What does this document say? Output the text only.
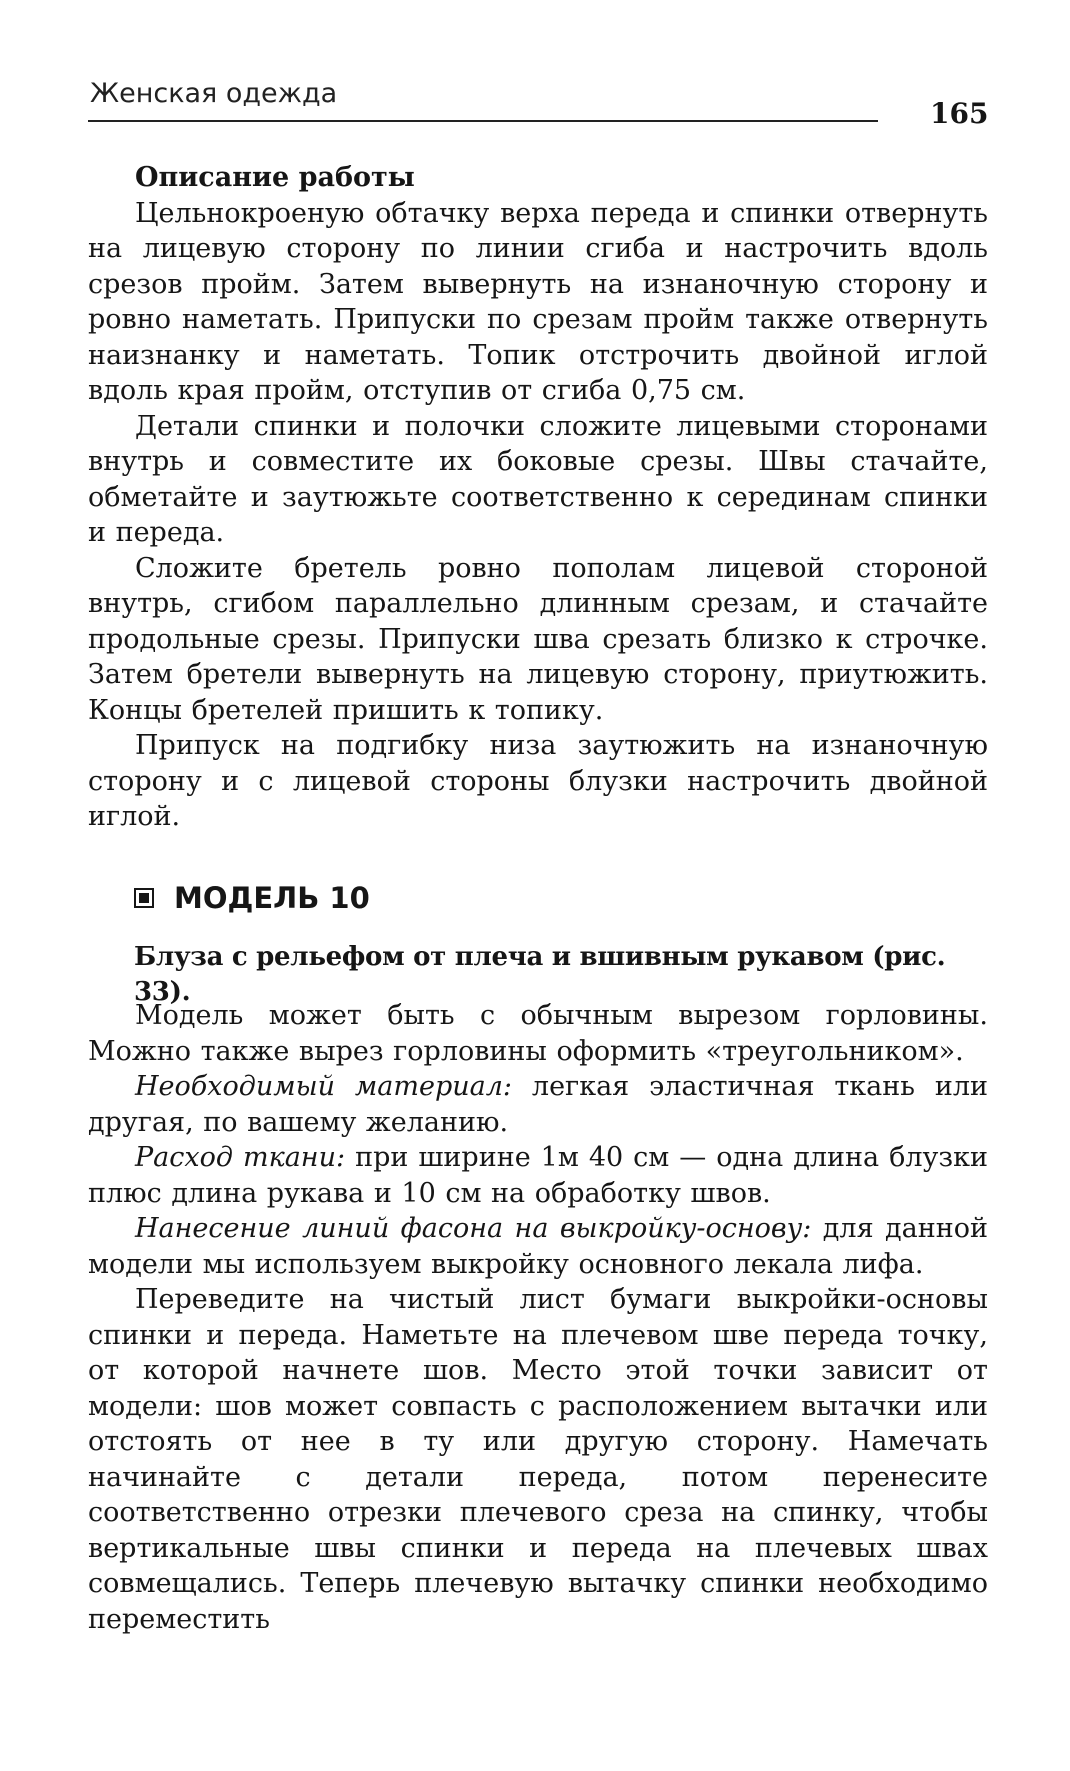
Женская одежда
165

Описание работы

Цельнокроеную обтачку верха переда и спинки отвернуть на лицевую сторону по линии сгиба и настрочить вдоль срезов пройм. Затем вывернуть на изнаночную сторону и ровно наметать. Припуски по срезам пройм также отвернуть наизнанку и наметать. Топик отстрочить двойной иглой вдоль края пройм, отступив от сгиба 0,75 см.

Детали спинки и полочки сложите лицевыми сторонами внутрь и совместите их боковые срезы. Швы стачайте, обметайте и заутюжьте соответственно к серединам спинки и переда.

Сложите бретель ровно пополам лицевой стороной внутрь, сгибом параллельно длинным срезам, и стачайте продольные срезы. Припуски шва срезать близко к строчке. Затем бретели вывернуть на лицевую сторону, приутюжить. Концы бретелей пришить к топику.

Припуск на подгибку низа заутюжить на изнаночную сторону и с лицевой стороны блузки настрочить двойной иглой.

МОДЕЛЬ 10
Блуза с рельефом от плеча и вшивным рукавом (рис. 33).

Модель может быть с обычным вырезом горловины. Можно также вырез горловины оформить «треугольником».

Необходимый материал: легкая эластичная ткань или другая, по вашему желанию.

Расход ткани: при ширине 1м 40 см — одна длина блузки плюс длина рукава и 10 см на обработку швов.

Нанесение линий фасона на выкройку-основу: для данной модели мы используем выкройку основного лекала лифа.

Переведите на чистый лист бумаги выкройки-основы спинки и переда. Наметьте на плечевом шве переда точку, от которой начнете шов. Место этой точки зависит от модели: шов может совпасть с расположением вытачки или отстоять от нее в ту или другую сторону. Намечать начинайте с детали переда, потом перенесите соответственно отрезки плечевого среза на спинку, чтобы вертикальные швы спинки и переда на плечевых швах совмещались. Теперь плечевую вытачку спинки необходимо переместить
